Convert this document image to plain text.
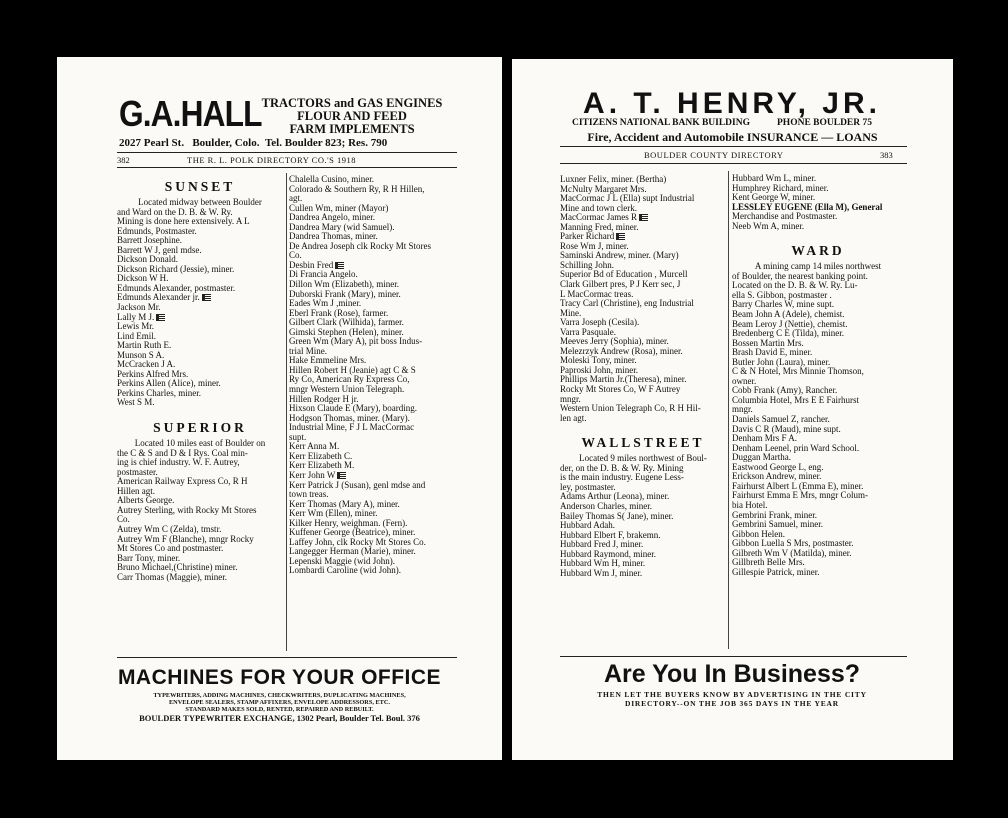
G.A.HALL TRACTORS and GAS ENGINES
FLOUR AND FEED
FARM IMPLEMENTS
2027 Pearl St. Boulder, Colo. Tel. Boulder 823; Res. 790
382	THE R. L. POLK DIRECTORY CO.'S 1918
SUNSET
Located midway between Boulder
and Ward on the D. B. & W. Ry.
Mining is done here extensively. A L
Edmunds, Postmaster.
Barrett Josephine.
Barrett W J, genl mdse.
Dickson Donald.
Dickson Richard (Jessie), miner.
Dickson W H.
Edmunds Alexander, postmaster.
Edmunds Alexander jr.
Jackson Mr.
Lally M J.
Lewis Mr.
Lind Emil.
Martin Ruth E.
Munson S A.
McCracken J A.
Perkins Alfred Mrs.
Perkins Allen (Alice), miner.
Perkins Charles, miner.
West S M.
SUPERIOR
Located 10 miles east of Boulder on
the C & S and D & I Rys. Coal min-
ing is chief industry. W. F. Autrey,
postmaster.
American Railway Express Co, R H
Hillen agt.
Alberts George.
Autrey Sterling, with Rocky Mt Stores
Co.
Autrey Wm C (Zelda), tmstr.
Autrey Wm F (Blanche), mngr Rocky
Mt Stores Co and postmaster.
Barr Tony, miner.
Bruno Michael,(Christine) miner.
Carr Thomas (Maggie), miner.
Chalella Cusino, miner.
Colorado & Southern Ry, R H Hillen,
agt.
Cullen Wm, miner (Mayor)
Dandrea Angelo, miner.
Dandrea Mary (wid Samuel).
Dandrea Thomas, miner.
De Andrea Joseph clk Rocky Mt Stores
Co.
Desbin Fred
Di Francia Angelo.
Dillon Wm (Elizabeth), miner.
Duborski Frank (Mary), miner.
Eades Wm J ,miner.
Eberl Frank (Rose), farmer.
Gilbert Clark (Wilhida), farmer.
Gimski Stephen (Helen), miner.
Green Wm (Mary A), pit boss Indus-
trial Mine.
Hake Emmeline Mrs.
Hillen Robert H (Jeanie) agt C & S
Ry Co, American Ry Express Co,
mngr Western Union Telegraph.
Hillen Rodger H jr.
Hixson Claude E (Mary), boarding.
Hodgson Thomas, miner. (Mary).
Industrial Mine, F J L MacCormac
supt.
Kerr Anna M.
Kerr Elizabeth C.
Kerr Elizabeth M.
Kerr John W
Kerr Patrick J (Susan), genl mdse and
town treas.
Kerr Thomas (Mary A), miner.
Kerr Wm (Ellen), miner.
Kilker Henry, weighman. (Fern).
Kuffener George (Beatrice), miner.
Laffey John, clk Rocky Mt Stores Co.
Langegger Herman (Marie), miner.
Lepenski Maggie (wid John).
Lombardi Caroline (wid John).
MACHINES FOR YOUR OFFICE
TYPEWRITERS, ADDING MACHINES, CHECKWRITERS, DUPLICATING MACHINES,
ENVELOPE SEALERS, STAMP AFFIXERS, ENVELOPE ADDRESSORS, ETC.
STANDARD MAKES SOLD, RENTED, REPAIRED AND REBUILT.
BOULDER TYPEWRITER EXCHANGE, 1302 Pearl, Boulder Tel. Boul. 376
A. T. HENRY, JR.
CITIZENS NATIONAL BANK BUILDING	PHONE BOULDER 75
Fire, Accident and Automobile INSURANCE — LOANS
BOULDER COUNTY DIRECTORY	383
Luxner Felix, miner. (Bertha)
McNulty Margaret Mrs.
MacCormac J L (Ella) supt Industrial
Mine and town clerk.
MacCormac James R
Manning Fred, miner.
Parker Richard
Rose Wm J, miner.
Saminski Andrew, miner. (Mary)
Schilling John.
Superior Bd of Education , Murcell
Clark Gilbert pres, P J Kerr sec, J
L MacCormac treas.
Tracy Carl (Christine), eng Industrial
Mine.
Varra Joseph (Cesila).
Varra Pasquale.
Meeves Jerry (Sophia), miner.
Melezrzyk Andrew (Rosa), miner.
Moleski Tony, miner.
Paproski John, miner.
Phillips Martin Jr.(Theresa), miner.
Rocky Mt Stores Co, W F Autrey
mngr.
Western Union Telegraph Co, R H Hil-
len agt.
WALLSTREET
Located 9 miles northwest of Boul-
der, on the D. B. & W. Ry. Mining
is the main industry. Eugene Less-
ley, postmaster.
Adams Arthur (Leona), miner.
Anderson Charles, miner.
Bailey Thomas S( Jane), miner.
Hubbard Adah.
Hubbard Elbert F, brakemn.
Hubbard Fred J, miner.
Hubbard Raymond, miner.
Hubbard Wm H, miner.
Hubbard Wm J, miner.
Hubbard Wm L, miner.
Humphrey Richard, miner.
Kent George W, miner.
LESSLEY EUGENE (Ella M), General
Merchandise and Postmaster.
Neeb Wm A, miner.
WARD
A mining camp 14 miles northwest
of Boulder, the nearest banking point.
Located on the D. B. & W. Ry. Lu-
ella S. Gibbon, postmaster .
Barry Charles W, mine supt.
Beam John A (Adele), chemist.
Beam Leroy J (Nettie), chemist.
Bredenberg C E (Tilda), miner.
Bossen Martin Mrs.
Brash David E, miner.
Butler John (Laura), miner.
C & N Hotel, Mrs Minnie Thomson,
owner.
Cobb Frank (Amy), Rancher.
Columbia Hotel, Mrs E E Fairhurst
mngr.
Daniels Samuel Z, rancher.
Davis C R (Maud), mine supt.
Denham Mrs F A.
Denham Leenel, prin Ward School.
Duggan Martha.
Eastwood George L, eng.
Erickson Andrew, miner.
Fairhurst Albert L (Emma E), miner.
Fairhurst Emma E Mrs, mngr Colum-
bia Hotel.
Gembrini Frank, miner.
Gembrini Samuel, miner.
Gibbon Helen.
Gibbon Luella S Mrs, postmaster.
Gilbreth Wm V (Matilda), miner.
Gillbreth Belle Mrs.
Gillespie Patrick, miner.
Are You In Business?
THEN LET THE BUYERS KNOW BY ADVERTISING IN THE CITY
DIRECTORY--ON THE JOB 365 DAYS IN THE YEAR
